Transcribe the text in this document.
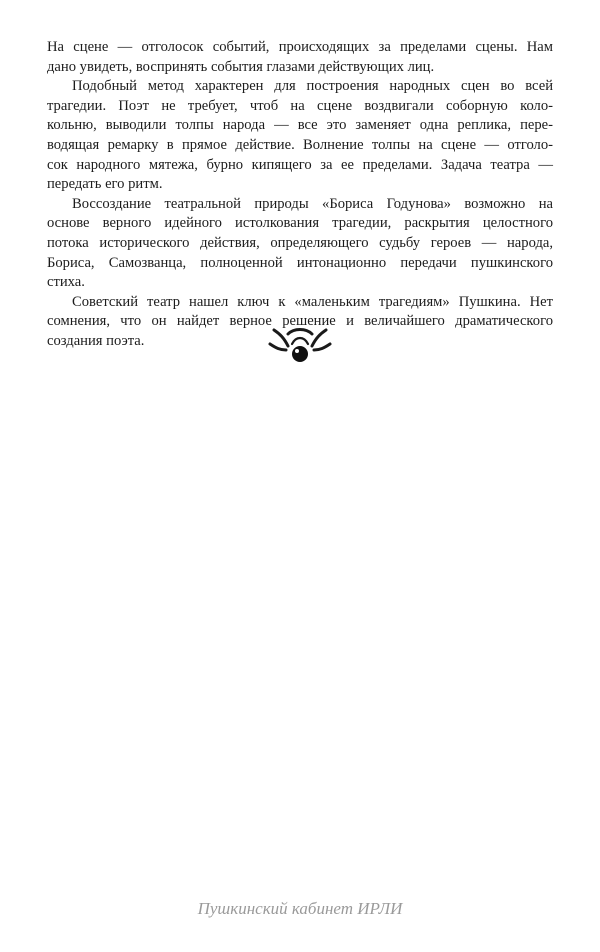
На сцене — отголосок событий, происходящих за пределами сцены. Нам
дано увидеть, воспринять события глазами действующих лиц.
Подобный метод характерен для построения народных сцен во всей
трагедии. Поэт не требует, чтоб на сцене воздвигали соборную коло-
кольню, выводили толпы народа — все это заменяет одна реплика, пере-
водящая ремарку в прямое действие. Волнение толпы на сцене — отголо-
сок народного мятежа, бурно кипящего за ее пределами. Задача театра —
передать его ритм.
Воссоздание театральной природы «Бориса Годунова» возможно на
основе верного идейного истолкования трагедии, раскрытия целостного
потока исторического действия, определяющего судьбу героев — народа,
Бориса, Самозванца, полноценной интонационно передачи пушкинского
стиха.
Советский театр нашел ключ к «маленьким трагедиям» Пушкина. Нет
сомнения, что он найдет верное решение и величайшего драматического
создания поэта.
Пушкинский кабинет ИРЛИ
